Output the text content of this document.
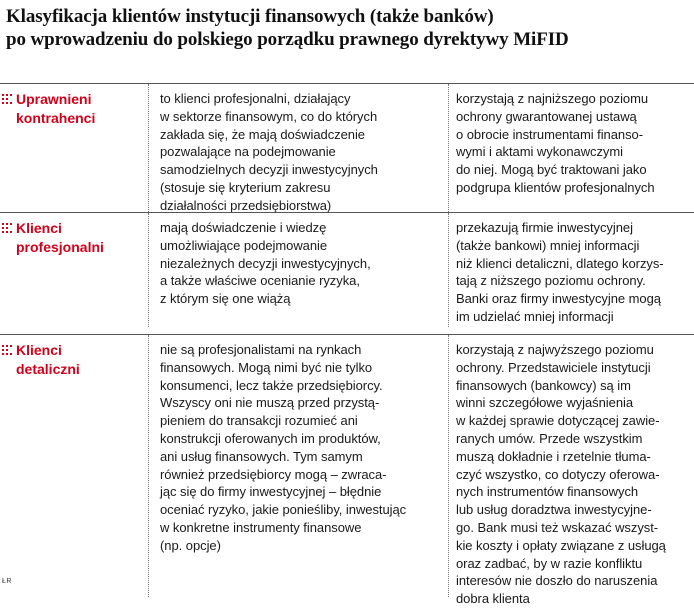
Klasyfikacja klientów instytucji finansowych (także banków)
po wprowadzeniu do polskiego porządku prawnego dyrektywy MiFID
Uprawnieni
kontrahenci
to klienci profesjonalni, działający
w sektorze finansowym, co do których
zakłada się, że mają doświadczenie
pozwalające na podejmowanie
samodzielnych decyzji inwestycyjnych
(stosuje się kryterium zakresu
działalności przedsiębiorstwa)
korzystają z najniższego poziomu
ochrony gwarantowanej ustawą
o obrocie instrumentami finanso-
wymi i aktami wykonawczymi
do niej. Mogą być traktowani jako
podgrupa klientów profesjonalnych
Klienci
profesjonalni
mają doświadczenie i wiedzę
umożliwiające podejmowanie
niezależnych decyzji inwestycyjnych,
a także właściwe ocenianie ryzyka,
z którym się one wiążą
przekazują firmie inwestycyjnej
(także bankowi) mniej informacji
niż klienci detaliczni, dlatego korzys-
tają z niższego poziomu ochrony.
Banki oraz firmy inwestycyjne mogą
im udzielać mniej informacji
Klienci
detaliczni
nie są profesjonalistami na rynkach
finansowych. Mogą nimi być nie tylko
konsumenci, lecz także przedsiębiorcy.
Wszyscy oni nie muszą przed przystą-
pieniem do transakcji rozumieć ani
konstrukcji oferowanych im produktów,
ani usług finansowych. Tym samym
również przedsiębiorcy mogą – zwraca-
jąc się do firmy inwestycyjnej – błędnie
oceniać ryzyko, jakie ponieśliby, inwestując
w konkretne instrumenty finansowe
(np. opcje)
korzystają z najwyższego poziomu
ochrony. Przedstawiciele instytucji
finansowych (bankowcy) są im
winni szczegółowe wyjaśnienia
w każdej sprawie dotyczącej zawie-
ranych umów. Przede wszystkim
muszą dokładnie i rzetelnie tłuma-
czyć wszystko, co dotyczy oferowa-
nych instrumentów finansowych
lub usług doradztwa inwestycyjne-
go. Bank musi też wskazać wszyst-
kie koszty i opłaty związane z usługą
oraz zadbać, by w razie konfliktu
interesów nie doszło do naruszenia
dobra klienta
ŁR
